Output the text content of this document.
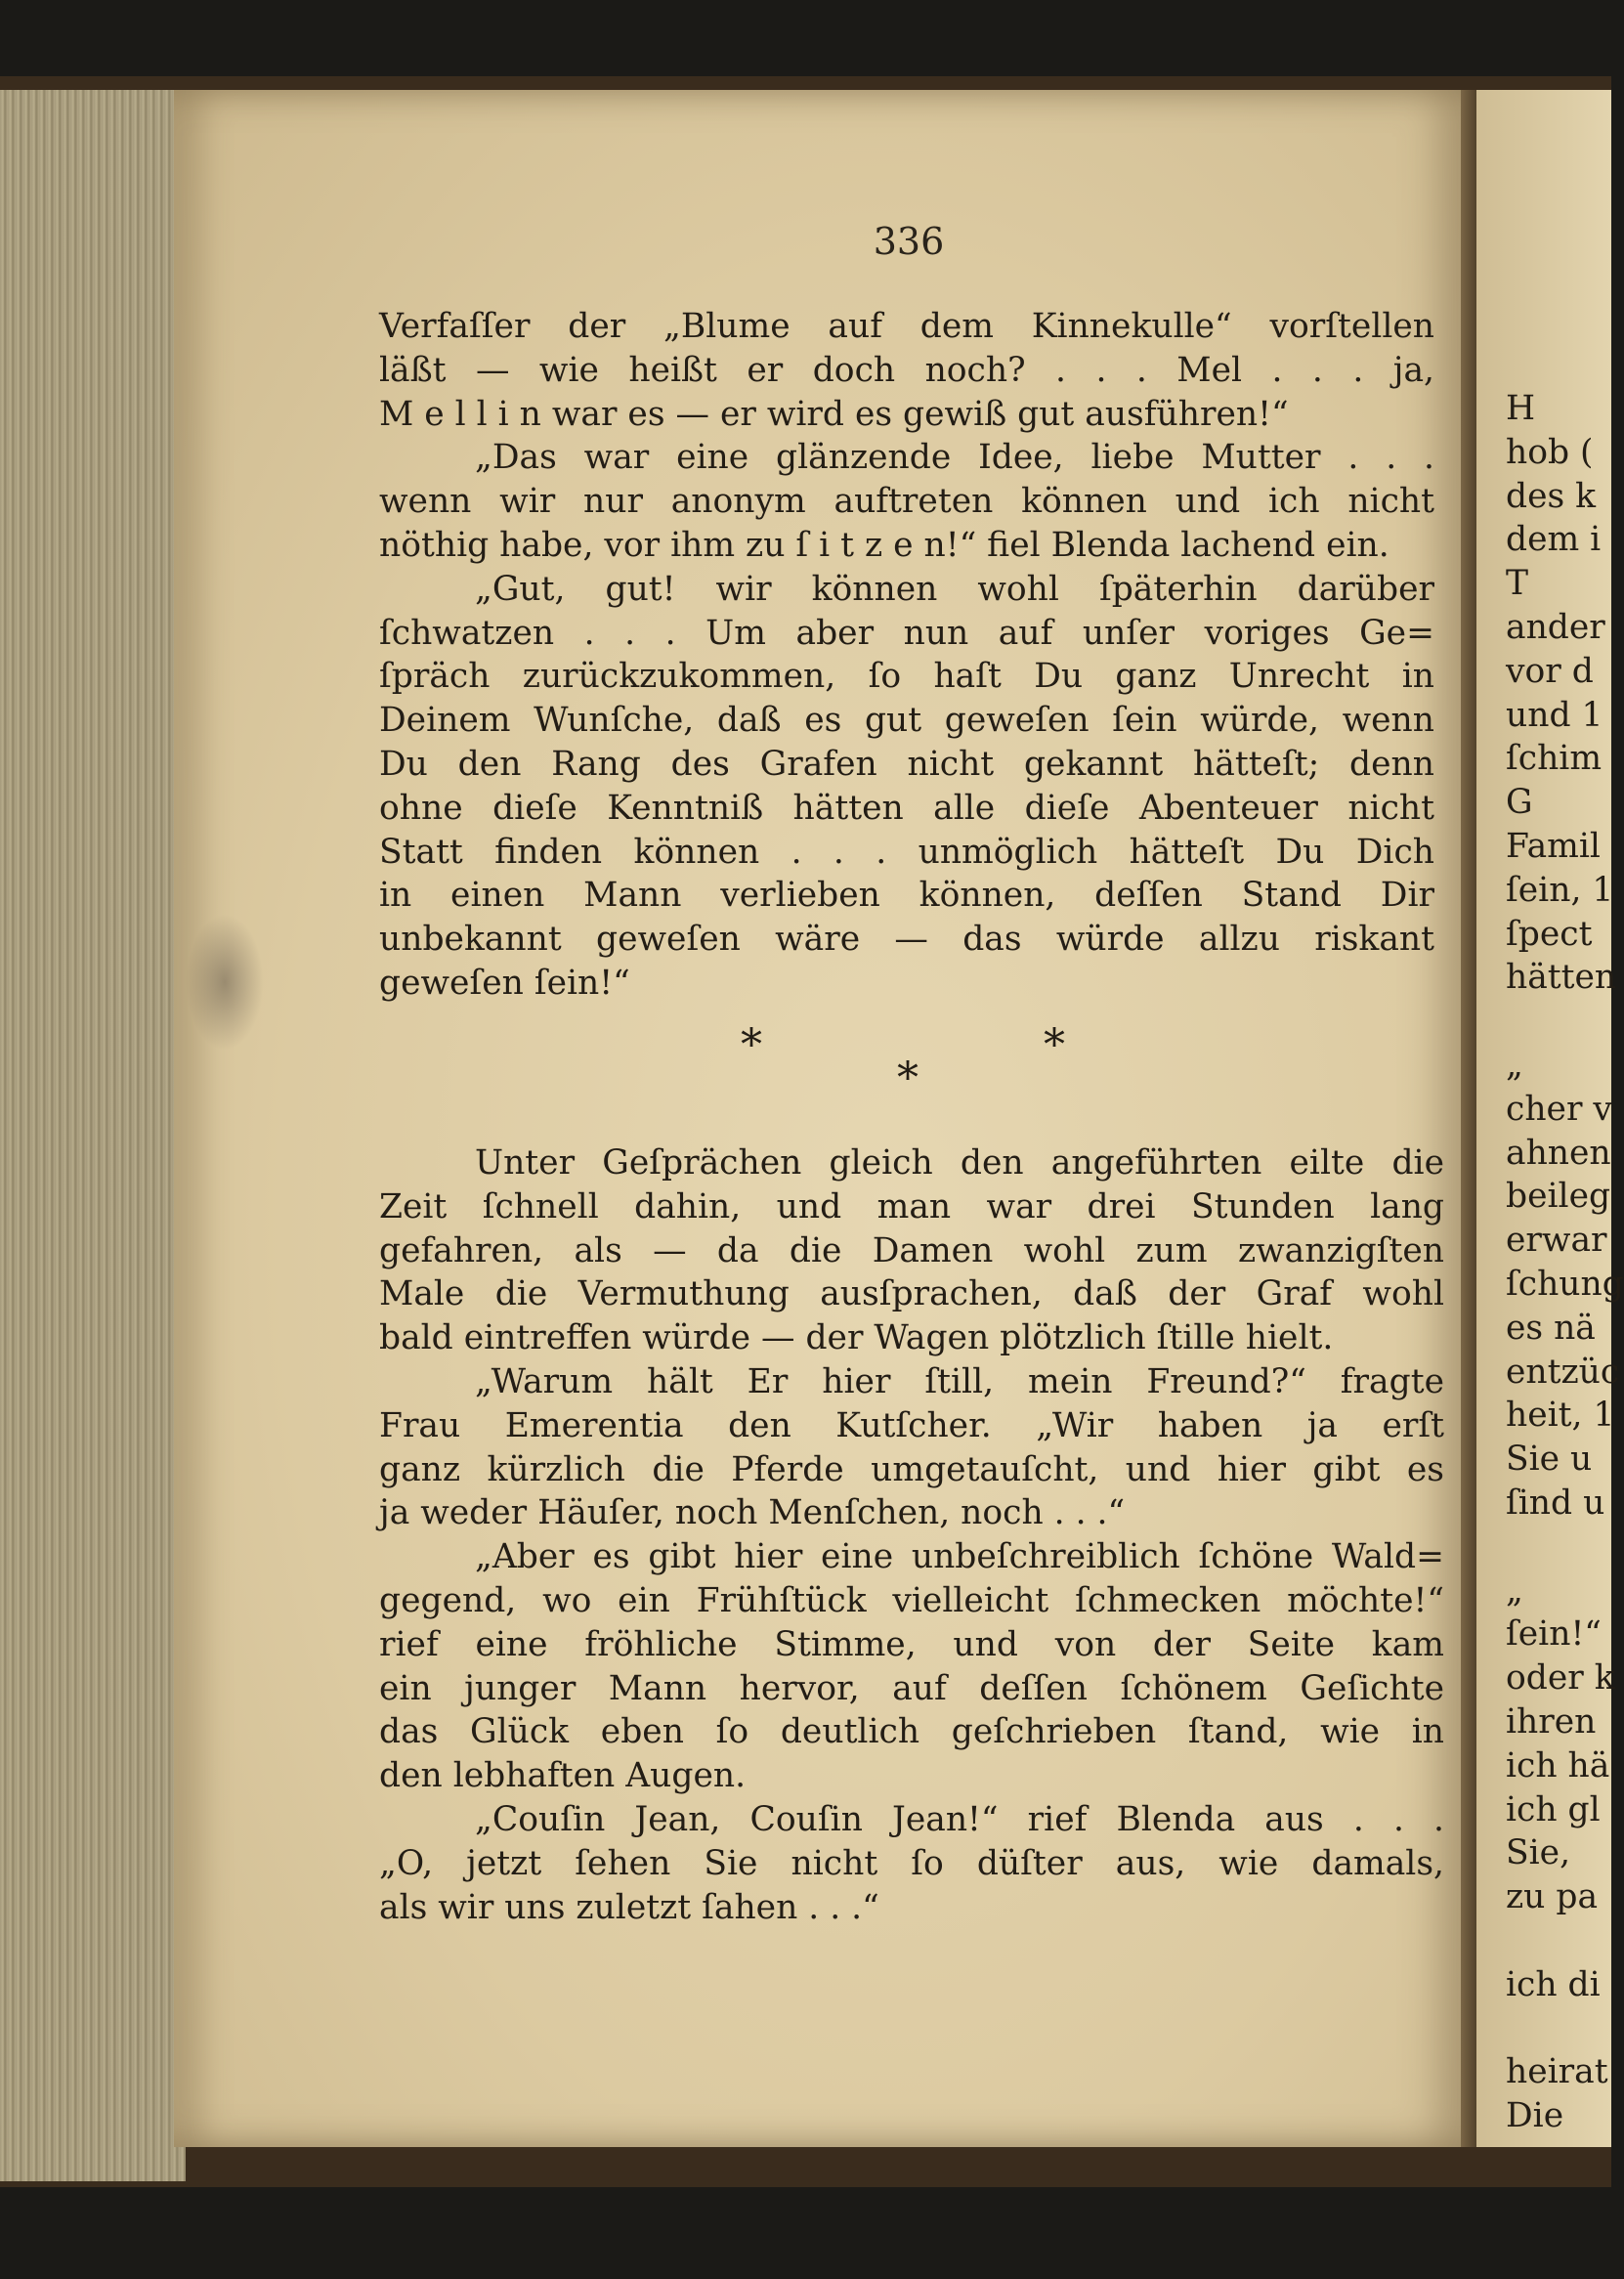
H
hob (
des k
dem i
T
ander
vor d
und 1
ſchim
G
Famil
ſein, 1
ſpect
hätten
„
cher v
ahnen
beileg
erwar
ſchung
es nä
entzüc
heit, 1
Sie u
ſind u
„
ſein!“
oder k
ihren
ich hä
ich gl
Sie,
zu pa
ich di
heirat
Die
336
Verfaſſer der „Blume auf dem Kinnekulle“ vorſtellen
läßt — wie heißt er doch noch? . . . Mel . . . ja,
M e l l i n war es — er wird es gewiß gut ausführen!“
„Das war eine glänzende Idee, liebe Mutter . . .
wenn wir nur anonym auftreten können und ich nicht
nöthig habe, vor ihm zu ſ i t z e n!“ fiel Blenda lachend ein.
„Gut, gut! wir können wohl ſpäterhin darüber
ſchwatzen . . . Um aber nun auf unſer voriges Ge=
ſpräch zurückzukommen, ſo haſt Du ganz Unrecht in
Deinem Wunſche, daß es gut geweſen ſein würde, wenn
Du den Rang des Grafen nicht gekannt hätteſt; denn
ohne dieſe Kenntniß hätten alle dieſe Abenteuer nicht
Statt finden können . . . unmöglich hätteſt Du Dich
in einen Mann verlieben können, deſſen Stand Dir
unbekannt geweſen wäre — das würde allzu riskant
geweſen ſein!“
*
*
*
Unter Geſprächen gleich den angeführten eilte die
Zeit ſchnell dahin, und man war drei Stunden lang
gefahren, als — da die Damen wohl zum zwanzigſten
Male die Vermuthung ausſprachen, daß der Graf wohl
bald eintreffen würde — der Wagen plötzlich ſtille hielt.
„Warum hält Er hier ſtill, mein Freund?“ fragte
Frau Emerentia den Kutſcher. „Wir haben ja erſt
ganz kürzlich die Pferde umgetauſcht, und hier gibt es
ja weder Häuſer, noch Menſchen, noch . . .“
„Aber es gibt hier eine unbeſchreiblich ſchöne Wald=
gegend, wo ein Frühſtück vielleicht ſchmecken möchte!“
rief eine fröhliche Stimme, und von der Seite kam
ein junger Mann hervor, auf deſſen ſchönem Geſichte
das Glück eben ſo deutlich geſchrieben ſtand, wie in
den lebhaften Augen.
„Couſin Jean, Couſin Jean!“ rief Blenda aus . . .
„O, jetzt ſehen Sie nicht ſo düſter aus, wie damals,
als wir uns zuletzt ſahen . . .“
